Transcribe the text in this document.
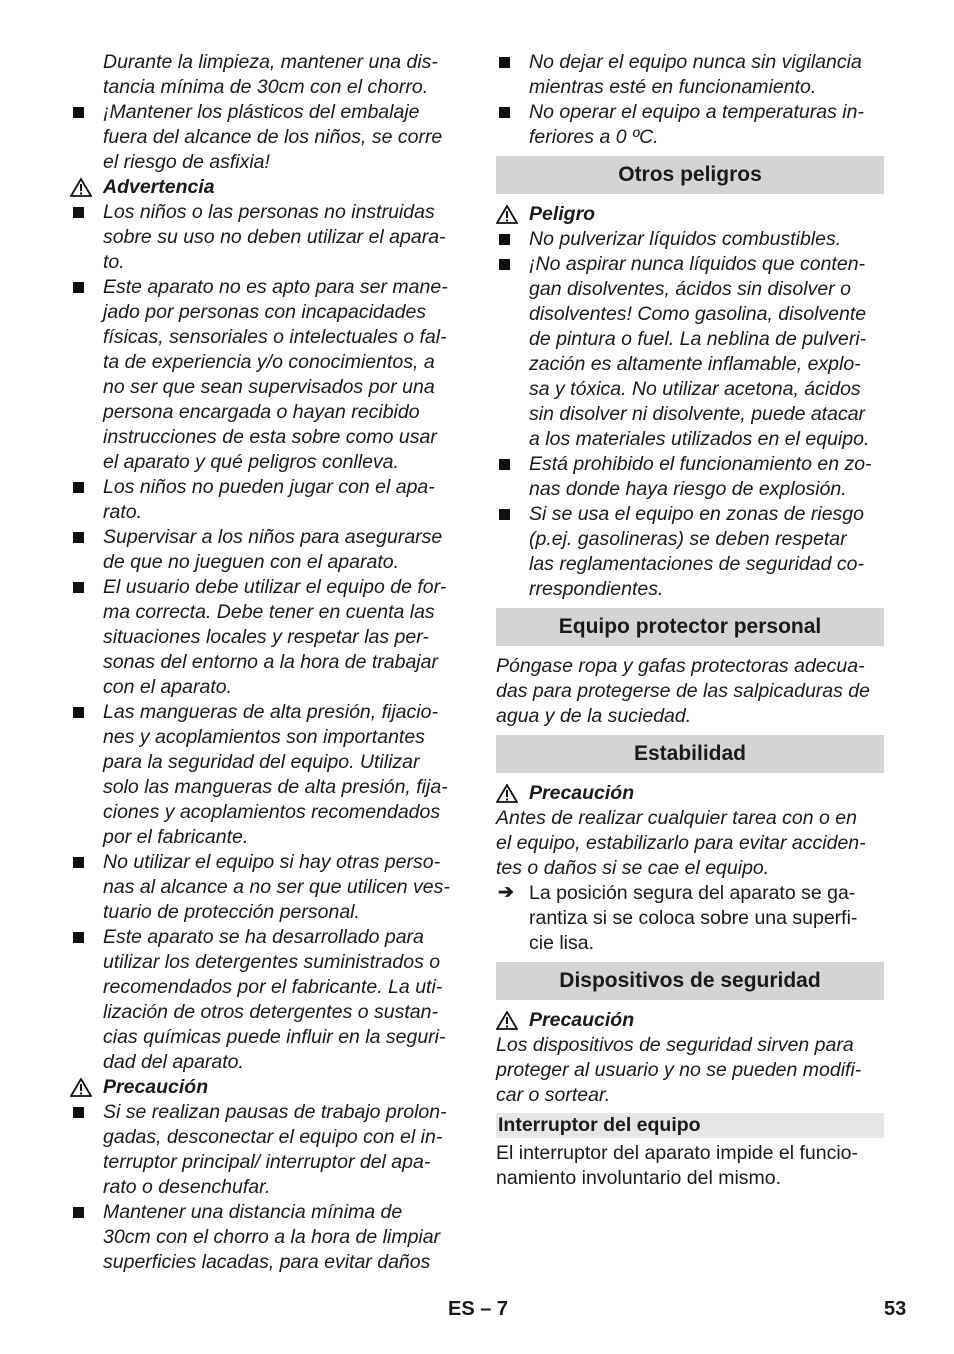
Durante la limpieza, mantener una dis-
tancia mínima de 30cm con el chorro.
¡Mantener los plásticos del embalaje
fuera del alcance de los niños, se corre
el riesgo de asfixia!
Advertencia
Los niños o las personas no instruidas
sobre su uso no deben utilizar el apara-
to.
Este aparato no es apto para ser mane-
jado por personas con incapacidades
físicas, sensoriales o intelectuales o fal-
ta de experiencia y/o conocimientos, a
no ser que sean supervisados por una
persona encargada o hayan recibido
instrucciones de esta sobre como usar
el aparato y qué peligros conlleva.
Los niños no pueden jugar con el apa-
rato.
Supervisar a los niños para asegurarse
de que no jueguen con el aparato.
El usuario debe utilizar el equipo de for-
ma correcta. Debe tener en cuenta las
situaciones locales y respetar las per-
sonas del entorno a la hora de trabajar
con el aparato.
Las mangueras de alta presión, fijacio-
nes y acoplamientos son importantes
para la seguridad del equipo. Utilizar
solo las mangueras de alta presión, fija-
ciones y acoplamientos recomendados
por el fabricante.
No utilizar el equipo si hay otras perso-
nas al alcance a no ser que utilicen ves-
tuario de protección personal.
Este aparato se ha desarrollado para
utilizar los detergentes suministrados o
recomendados por el fabricante. La uti-
lización de otros detergentes o sustan-
cias químicas puede influir en la seguri-
dad del aparato.
Precaución
Si se realizan pausas de trabajo prolon-
gadas, desconectar el equipo con el in-
terruptor principal/ interruptor del apa-
rato o desenchufar.
Mantener una distancia mínima de
30cm con el chorro a la hora de limpiar
superficies lacadas, para evitar daños
No dejar el equipo nunca sin vigilancia
mientras esté en funcionamiento.
No operar el equipo a temperaturas in-
feriores a 0 ºC.
Otros peligros
Peligro
No pulverizar líquidos combustibles.
¡No aspirar nunca líquidos que conten-
gan disolventes, ácidos sin disolver o
disolventes! Como gasolina, disolvente
de pintura o fuel. La neblina de pulveri-
zación es altamente inflamable, explo-
sa y tóxica. No utilizar acetona, ácidos
sin disolver ni disolvente, puede atacar
a los materiales utilizados en el equipo.
Está prohibido el funcionamiento en zo-
nas donde haya riesgo de explosión.
Si se usa el equipo en zonas de riesgo
(p.ej. gasolineras) se deben respetar
las reglamentaciones de seguridad co-
rrespondientes.
Equipo protector personal
Póngase ropa y gafas protectoras adecua-
das para protegerse de las salpicaduras de
agua y de la suciedad.
Estabilidad
Precaución
Antes de realizar cualquier tarea con o en
el equipo, estabilizarlo para evitar acciden-
tes o daños si se cae el equipo.
➔ La posición segura del aparato se ga-
rantiza si se coloca sobre una superfi-
cie lisa.
Dispositivos de seguridad
Precaución
Los dispositivos de seguridad sirven para
proteger al usuario y no se pueden modifi-
car o sortear.
Interruptor del equipo
El interruptor del aparato impide el funcio-
namiento involuntario del mismo.
ES – 7	53
